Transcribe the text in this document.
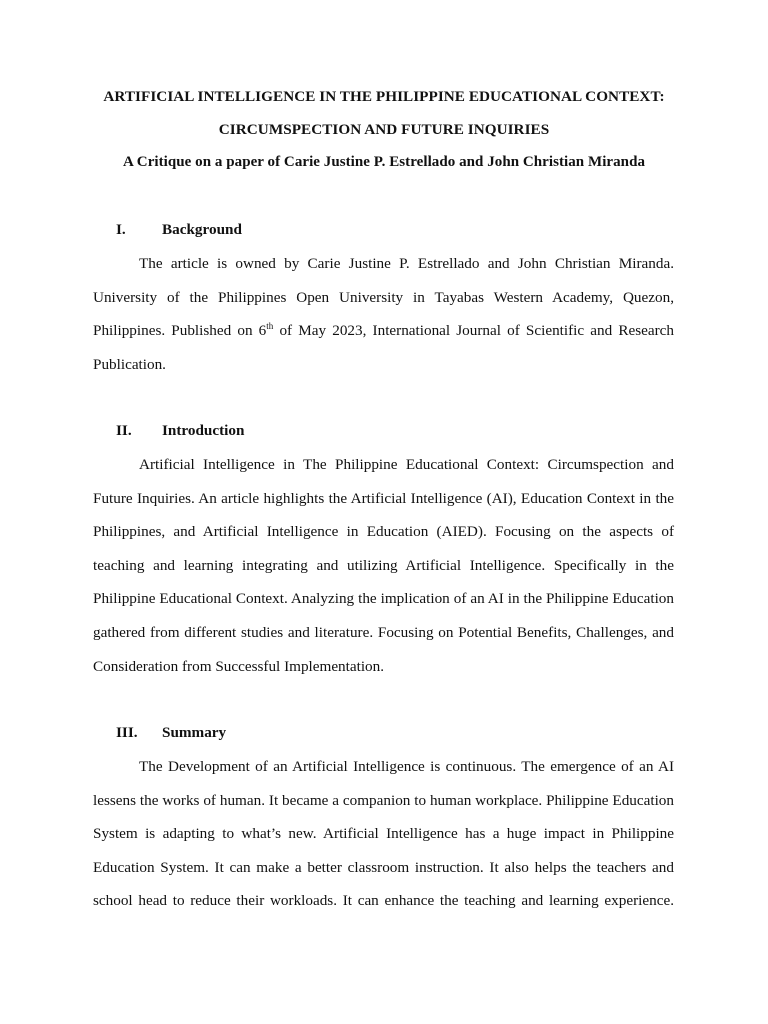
ARTIFICIAL INTELLIGENCE IN THE PHILIPPINE EDUCATIONAL CONTEXT:
CIRCUMSPECTION AND FUTURE INQUIRIES
A Critique on a paper of Carie Justine P. Estrellado and John Christian Miranda
I. Background
The article is owned by Carie Justine P. Estrellado and John Christian Miranda.
University of the Philippines Open University in Tayabas Western Academy, Quezon,
Philippines. Published on 6th of May 2023, International Journal of Scientific and Research
Publication.
II. Introduction
Artificial Intelligence in The Philippine Educational Context: Circumspection and
Future Inquiries. An article highlights the Artificial Intelligence (AI), Education Context in the
Philippines, and Artificial Intelligence in Education (AIED). Focusing on the aspects of
teaching and learning integrating and utilizing Artificial Intelligence. Specifically in the
Philippine Educational Context. Analyzing the implication of an AI in the Philippine Education
gathered from different studies and literature. Focusing on Potential Benefits, Challenges, and
Consideration from Successful Implementation.
III. Summary
The Development of an Artificial Intelligence is continuous. The emergence of an AI
lessens the works of human. It became a companion to human workplace. Philippine Education
System is adapting to what’s new. Artificial Intelligence has a huge impact in Philippine
Education System. It can make a better classroom instruction. It also helps the teachers and
school head to reduce their workloads. It can enhance the teaching and learning experience.
